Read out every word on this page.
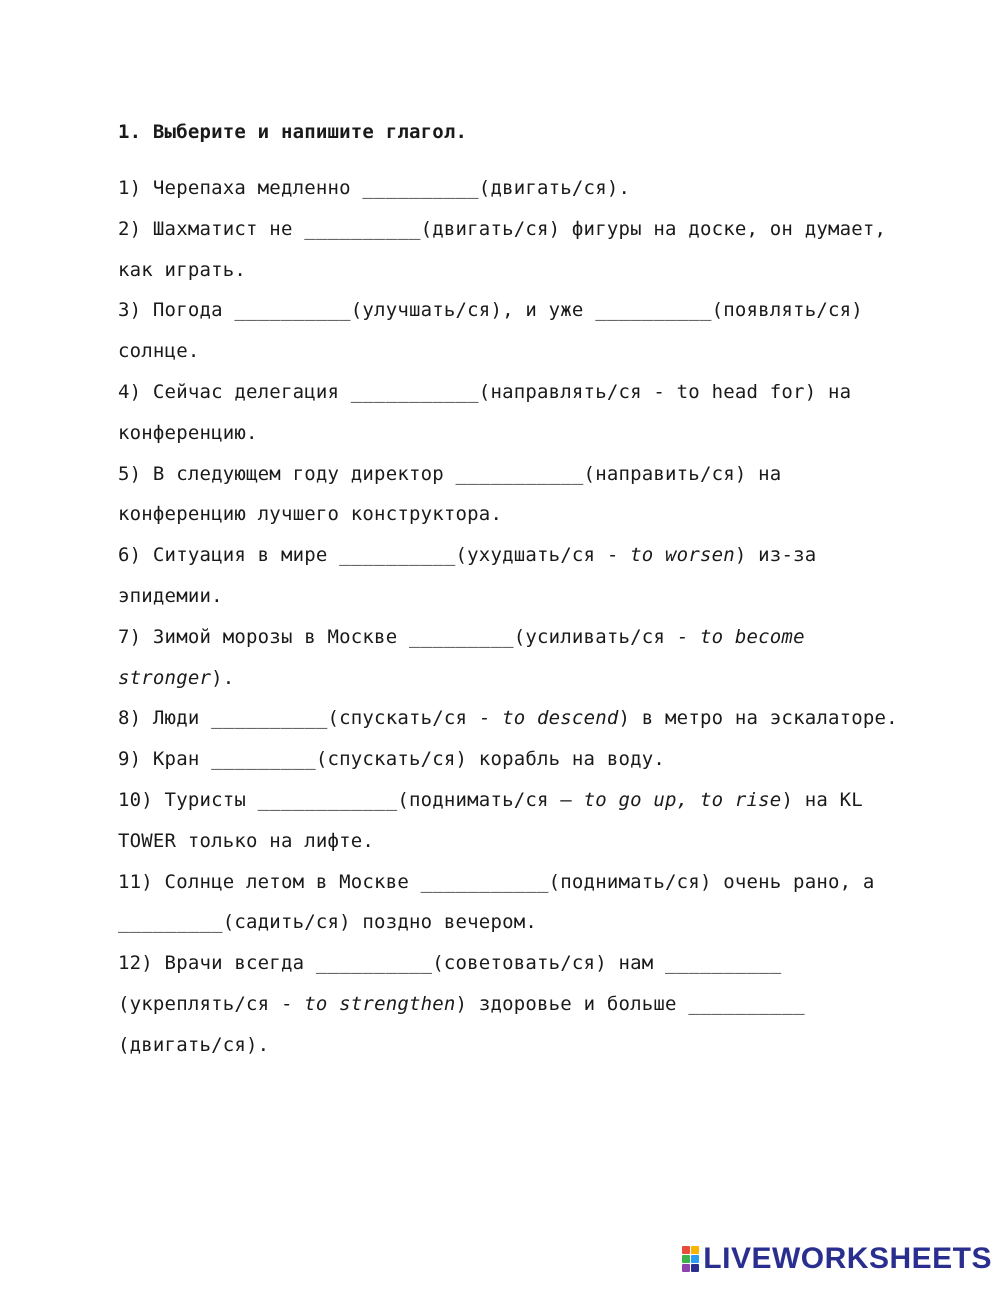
1. Выберите и напишите глагол.
1) Черепаха медленно __________(двигать/ся).
2) Шахматист не __________(двигать/ся) фигуры на доске, он думает, как играть.
3) Погода __________(улучшать/ся), и уже __________(появлять/ся) солнце.
4) Сейчас делегация ___________(направлять/ся - to head for) на конференцию.
5) В следующем году директор ___________(направить/ся) на конференцию лучшего конструктора.
6) Ситуация в мире __________(ухудшать/ся - to worsen) из-за эпидемии.
7) Зимой морозы в Москве _________(усиливать/ся - to become stronger).
8) Люди __________(спускать/ся - to descend) в метро на эскалаторе.
9) Кран _________(спускать/ся) корабль на воду.
10) Туристы ____________(поднимать/ся – to go up, to rise) на KL TOWER только на лифте.
11) Солнце летом в Москве ___________(поднимать/ся) очень рано, а _________(садить/ся) поздно вечером.
12) Врачи всегда __________(советовать/ся) нам __________ (укреплять/ся - to strengthen) здоровье и больше __________ (двигать/ся).
LIVEWORKSHEETS
